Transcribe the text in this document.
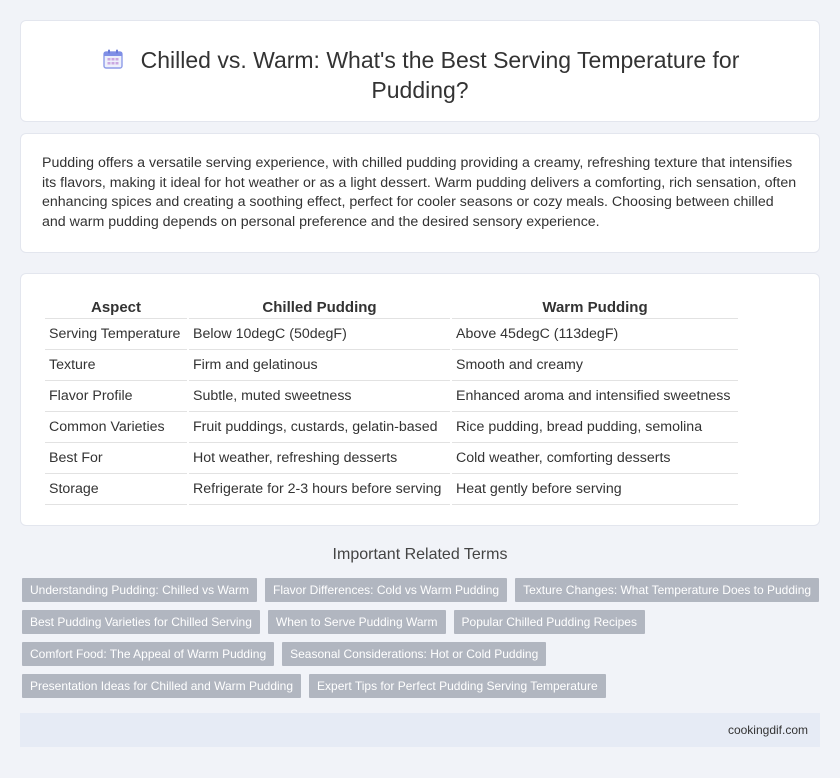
Chilled vs. Warm: What's the Best Serving Temperature for Pudding?

Pudding offers a versatile serving experience, with chilled pudding providing a creamy, refreshing texture that intensifies its flavors, making it ideal for hot weather or as a light dessert. Warm pudding delivers a comforting, rich sensation, often enhancing spices and creating a soothing effect, perfect for cooler seasons or cozy meals. Choosing between chilled and warm pudding depends on personal preference and the desired sensory experience.

Aspect	Chilled Pudding	Warm Pudding
Serving Temperature	Below 10degC (50degF)	Above 45degC (113degF)
Texture	Firm and gelatinous	Smooth and creamy
Flavor Profile	Subtle, muted sweetness	Enhanced aroma and intensified sweetness
Common Varieties	Fruit puddings, custards, gelatin-based	Rice pudding, bread pudding, semolina
Best For	Hot weather, refreshing desserts	Cold weather, comforting desserts
Storage	Refrigerate for 2-3 hours before serving	Heat gently before serving
Important Related Terms
Understanding Pudding: Chilled vs Warm	Flavor Differences: Cold vs Warm Pudding	Texture Changes: What Temperature Does to Pudding
Best Pudding Varieties for Chilled Serving	When to Serve Pudding Warm	Popular Chilled Pudding Recipes
Comfort Food: The Appeal of Warm Pudding	Seasonal Considerations: Hot or Cold Pudding
Presentation Ideas for Chilled and Warm Pudding	Expert Tips for Perfect Pudding Serving Temperature
cookingdif.com
